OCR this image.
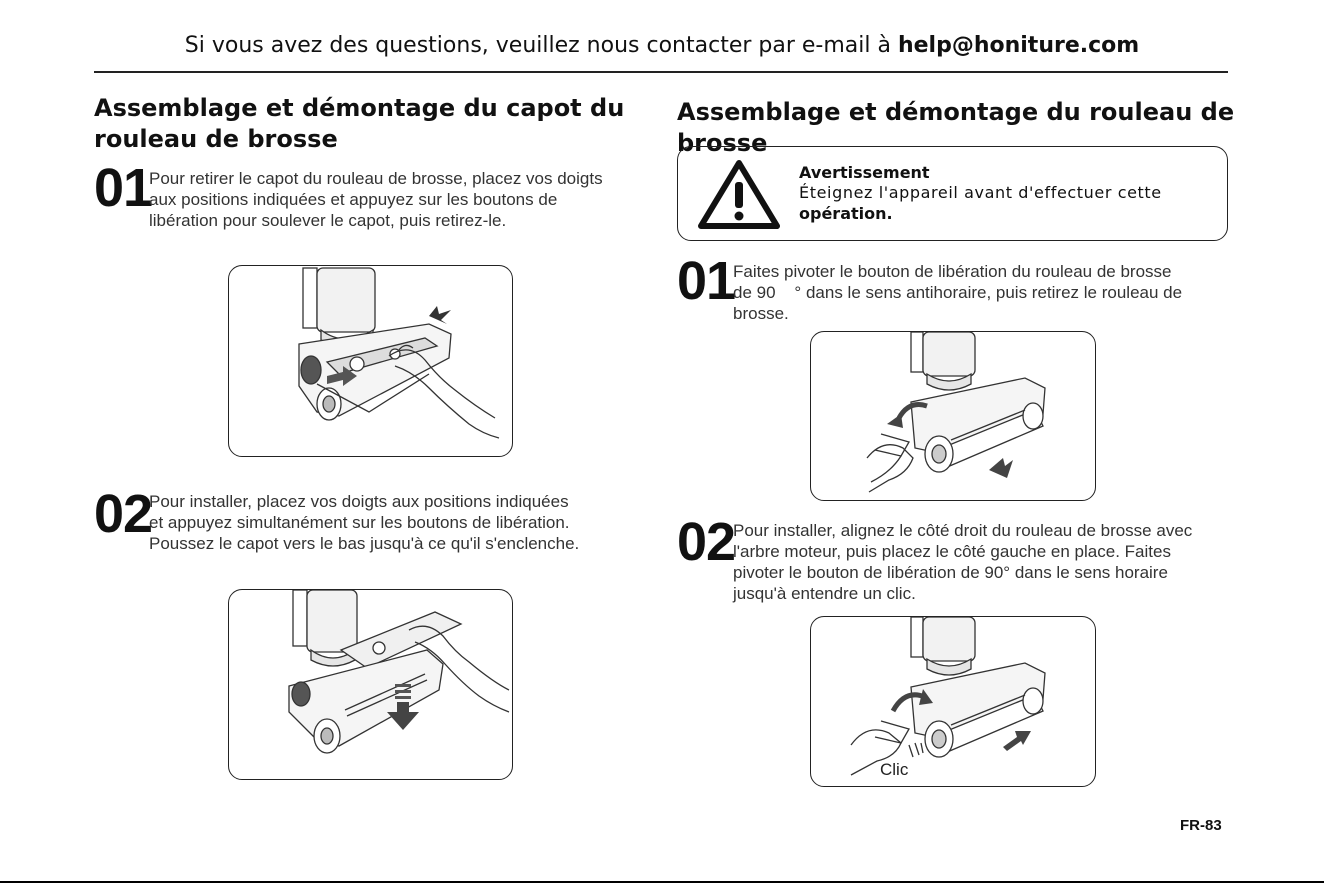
Si vous avez des questions, veuillez nous contacter par e-mail à help@honiture.com
Assemblage et démontage du capot du
rouleau de brosse
01
Pour retirer le capot du rouleau de brosse, placez vos doigts
aux positions indiquées et appuyez sur les boutons de
libération pour soulever le capot, puis retirez-le.
02
Pour installer, placez vos doigts aux positions indiquées
et appuyez simultanément sur les boutons de libération.
Poussez le capot vers le bas jusqu'à ce qu'il s'enclenche.
Assemblage et démontage du rouleau de brosse
Avertissement
Éteignez l'appareil avant d'effectuer cette
opération.
01
Faites pivoter le bouton de libération du rouleau de brosse
de 90    ° dans le sens antihoraire, puis retirez le rouleau de
brosse.
02
Pour installer, alignez le côté droit du rouleau de brosse avec
l'arbre moteur, puis placez le côté gauche en place. Faites
pivoter le bouton de libération de 90° dans le sens horaire
jusqu'à entendre un clic.
Clic
FR-83
